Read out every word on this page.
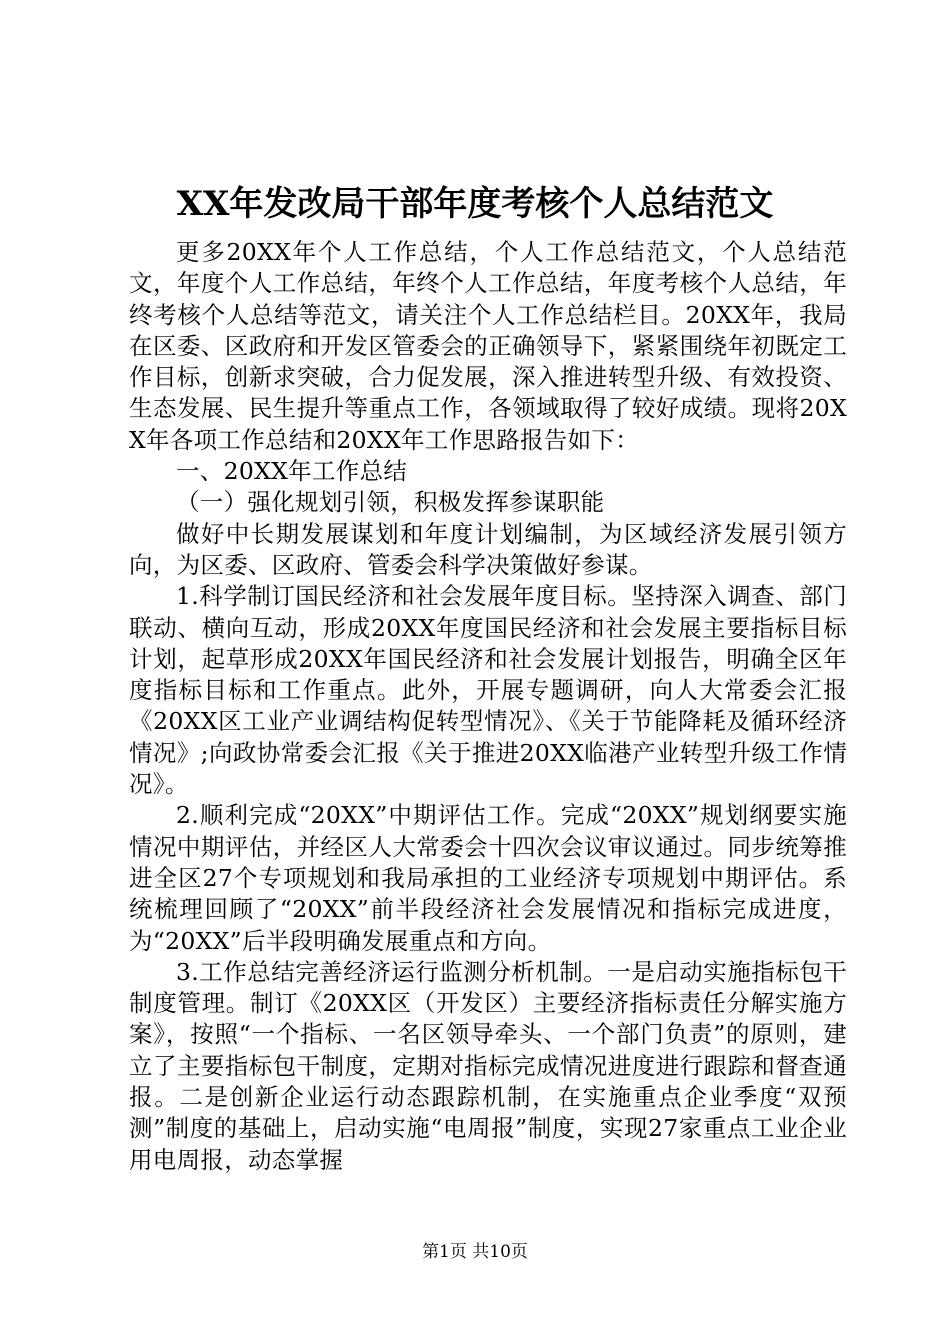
XX年发改局干部年度考核个人总结范文

更多20XX年个人工作总结，个人工作总结范文，个人总结范文，年度个人工作总结，年终个人工作总结，年度考核个人总结，年终考核个人总结等范文，请关注个人工作总结栏目。20XX年，我局在区委、区政府和开发区管委会的正确领导下，紧紧围绕年初既定工作目标，创新求突破，合力促发展，深入推进转型升级、有效投资、生态发展、民生提升等重点工作，各领域取得了较好成绩。现将20XX年各项工作总结和20XX年工作思路报告如下：

一、20XX年工作总结

（一）强化规划引领，积极发挥参谋职能

做好中长期发展谋划和年度计划编制，为区域经济发展引领方向，为区委、区政府、管委会科学决策做好参谋。

1.科学制订国民经济和社会发展年度目标。坚持深入调查、部门联动、横向互动，形成20XX年度国民经济和社会发展主要指标目标计划，起草形成20XX年国民经济和社会发展计划报告，明确全区年度指标目标和工作重点。此外，开展专题调研，向人大常委会汇报《20XX区工业产业调结构促转型情况》、《关于节能降耗及循环经济情况》;向政协常委会汇报《关于推进20XX临港产业转型升级工作情况》。

2.顺利完成“20XX”中期评估工作。完成“20XX”规划纲要实施情况中期评估，并经区人大常委会十四次会议审议通过。同步统筹推进全区27个专项规划和我局承担的工业经济专项规划中期评估。系统梳理回顾了“20XX”前半段经济社会发展情况和指标完成进度，为“20XX”后半段明确发展重点和方向。

3.工作总结完善经济运行监测分析机制。一是启动实施指标包干制度管理。制订《20XX区（开发区）主要经济指标责任分解实施方案》，按照“一个指标、一名区领导牵头、一个部门负责”的原则，建立了主要指标包干制度，定期对指标完成情况进度进行跟踪和督查通报。二是创新企业运行动态跟踪机制，在实施重点企业季度“双预测”制度的基础上，启动实施“电周报”制度，实现27家重点工业企业用电周报，动态掌握

第1页 共10页
